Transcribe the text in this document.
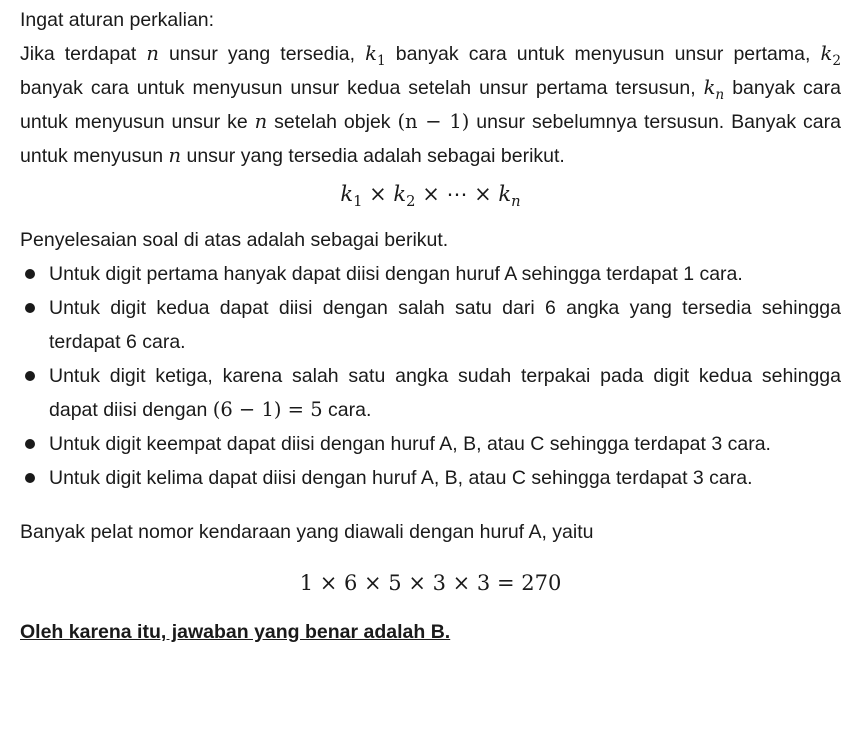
Ingat aturan perkalian:

Jika terdapat n unsur yang tersedia, $k_1$ banyak cara untuk menyusun unsur pertama, $k_2$ banyak cara untuk menyusun unsur kedua setelah unsur pertama tersusun, $k_n$ banyak cara untuk menyusun unsur ke n setelah objek (n − 1) unsur sebelumnya tersusun. Banyak cara untuk menyusun n unsur yang tersedia adalah sebagai berikut.

$k_1 \times k_2$ × ⋯ × $k_n$

Penyelesaian soal di atas adalah sebagai berikut.

Untuk digit pertama hanyak dapat diisi dengan huruf A sehingga terdapat 1 cara.
Untuk digit kedua dapat diisi dengan salah satu dari 6 angka yang tersedia sehingga terdapat 6 cara.
Untuk digit ketiga, karena salah satu angka sudah terpakai pada digit kedua sehingga dapat diisi dengan (6 − 1) = 5 cara.
Untuk digit keempat dapat diisi dengan huruf A, B, atau C sehingga terdapat 3 cara.
Untuk digit kelima dapat diisi dengan huruf A, B, atau C sehingga terdapat 3 cara.

Banyak pelat nomor kendaraan yang diawali dengan huruf A, yaitu

1 × 6 × 5 × 3 × 3 = 270

Oleh karena itu, jawaban yang benar adalah B.
